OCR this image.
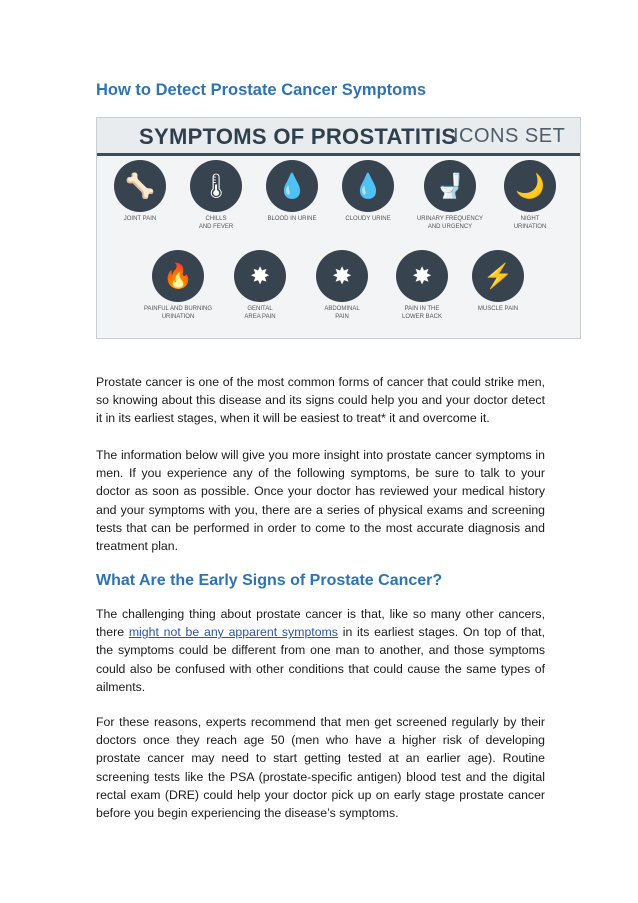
How to Detect Prostate Cancer Symptoms
SYMPTOMS OF PROSTATITIS
ICONS SET
🦴
JOINT PAIN
🌡
CHILLS
AND FEVER
💧
BLOOD IN URINE
💧
CLOUDY URINE
🚽
URINARY FREQUENCY
AND URGENCY
🌙
NIGHT
URINATION
🔥
PAINFUL AND BURNING
URINATION
✸
GENITAL
AREA PAIN
✸
ABDOMINAL
PAIN
✸
PAIN IN THE
LOWER BACK
⚡
MUSCLE PAIN

Prostate cancer is one of the most common forms of cancer that could strike men, so knowing about this disease and its signs could help you and your doctor detect it in its earliest stages, when it will be easiest to treat* it and overcome it.

The information below will give you more insight into prostate cancer symptoms in men. If you experience any of the following symptoms, be sure to talk to your doctor as soon as possible. Once your doctor has reviewed your medical history and your symptoms with you, there are a series of physical exams and screening tests that can be performed in order to come to the most accurate diagnosis and treatment plan.

What Are the Early Signs of Prostate Cancer?

The challenging thing about prostate cancer is that, like so many other cancers, there might not be any apparent symptoms in its earliest stages. On top of that, the symptoms could be different from one man to another, and those symptoms could also be confused with other conditions that could cause the same types of ailments.

For these reasons, experts recommend that men get screened regularly by their doctors once they reach age 50 (men who have a higher risk of developing prostate cancer may need to start getting tested at an earlier age). Routine screening tests like the PSA (prostate-specific antigen) blood test and the digital rectal exam (DRE) could help your doctor pick up on early stage prostate cancer before you begin experiencing the disease’s symptoms.
